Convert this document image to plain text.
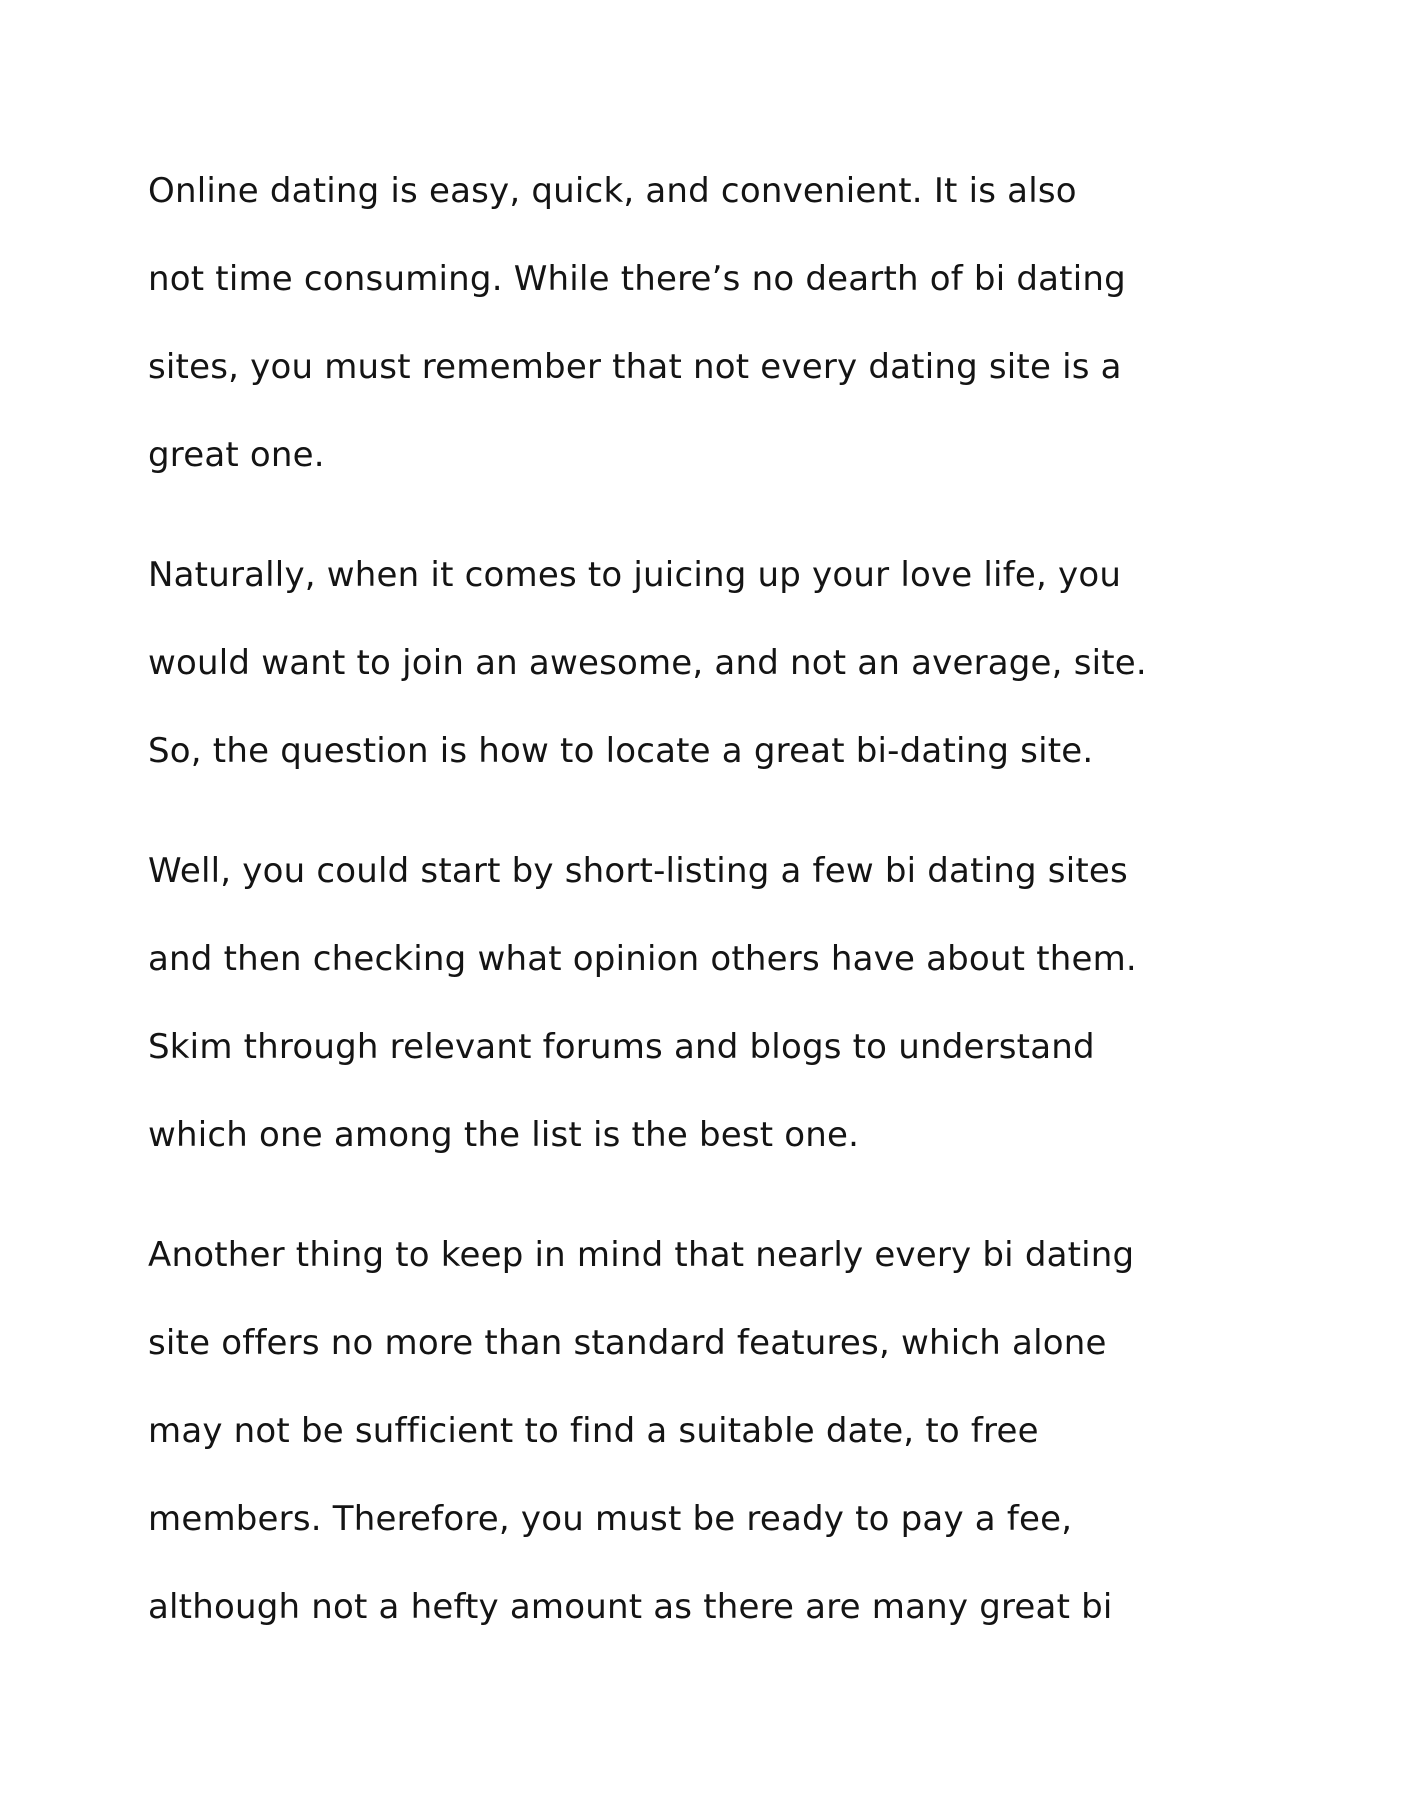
Online dating is easy, quick, and convenient. It is also
not time consuming. While there’s no dearth of bi dating
sites, you must remember that not every dating site is a
great one.
Naturally, when it comes to juicing up your love life, you
would want to join an awesome, and not an average, site.
So, the question is how to locate a great bi-dating site.
Well, you could start by short-listing a few bi dating sites
and then checking what opinion others have about them.
Skim through relevant forums and blogs to understand
which one among the list is the best one.
Another thing to keep in mind that nearly every bi dating
site offers no more than standard features, which alone
may not be sufficient to find a suitable date, to free
members. Therefore, you must be ready to pay a fee,
although not a hefty amount as there are many great bi
